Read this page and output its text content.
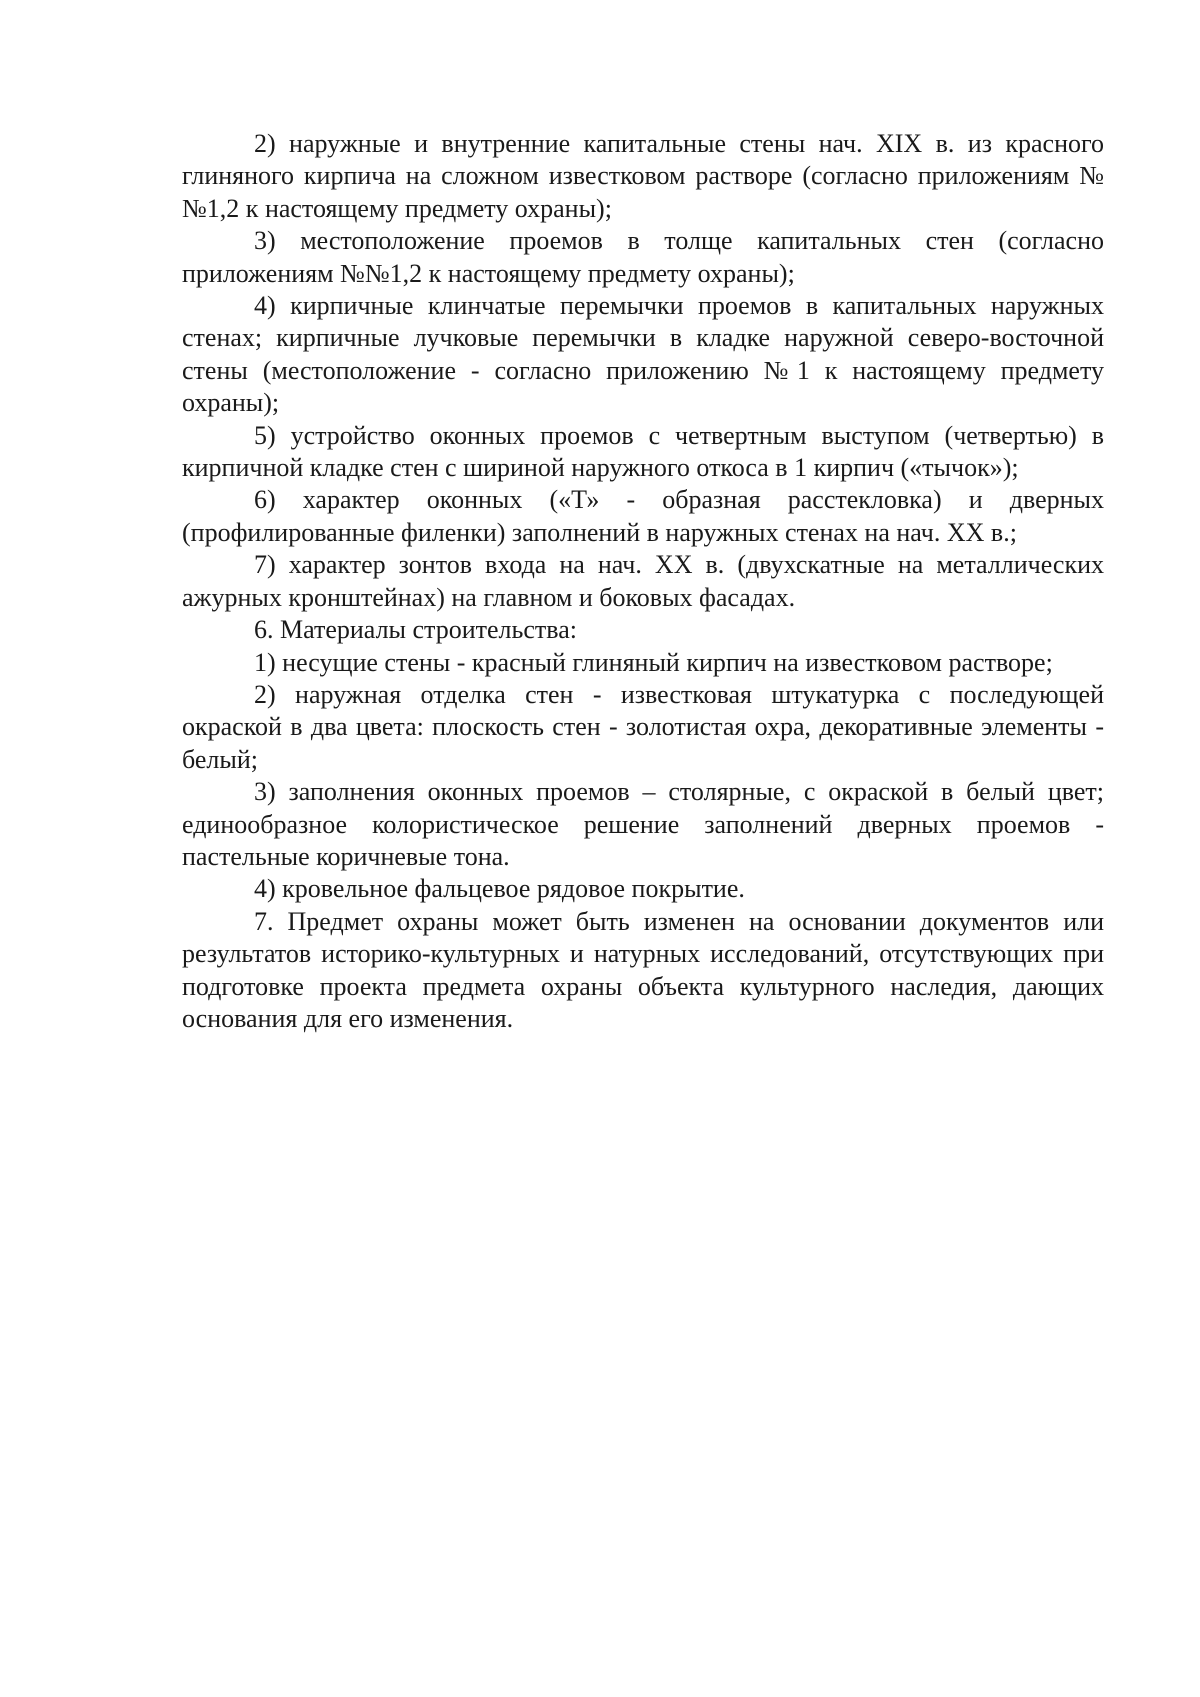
2) наружные и внутренние капитальные стены нач. XIX в. из красного глиняного кирпича на сложном известковом растворе (согласно приложениям №№1,2 к настоящему предмету охраны);

3) местоположение проемов в толще капитальных стен (согласно приложениям №№1,2 к настоящему предмету охраны);

4) кирпичные клинчатые перемычки проемов в капитальных наружных стенах; кирпичные лучковые перемычки в кладке наружной северо-восточной стены (местоположение - согласно приложению №1 к настоящему предмету охраны);

5) устройство оконных проемов с четвертным выступом (четвертью) в кирпичной кладке стен с шириной наружного откоса в 1 кирпич («тычок»);

6) характер оконных («Т» - образная расстекловка) и дверных (профилированные филенки) заполнений в наружных стенах на нач. XX в.;

7) характер зонтов входа на нач. XX в. (двухскатные на металлических ажурных кронштейнах) на главном и боковых фасадах.

6. Материалы строительства:

1) несущие стены - красный глиняный кирпич на известковом растворе;

2) наружная отделка стен - известковая штукатурка с последующей окраской в два цвета: плоскость стен - золотистая охра, декоративные элементы - белый;

3) заполнения оконных проемов – столярные, с окраской в белый цвет; единообразное колористическое решение заполнений дверных проемов - пастельные коричневые тона.

4) кровельное фальцевое рядовое покрытие.

7. Предмет охраны может быть изменен на основании документов или результатов историко-культурных и натурных исследований, отсутствующих при подготовке проекта предмета охраны объекта культурного наследия, дающих основания для его изменения.
